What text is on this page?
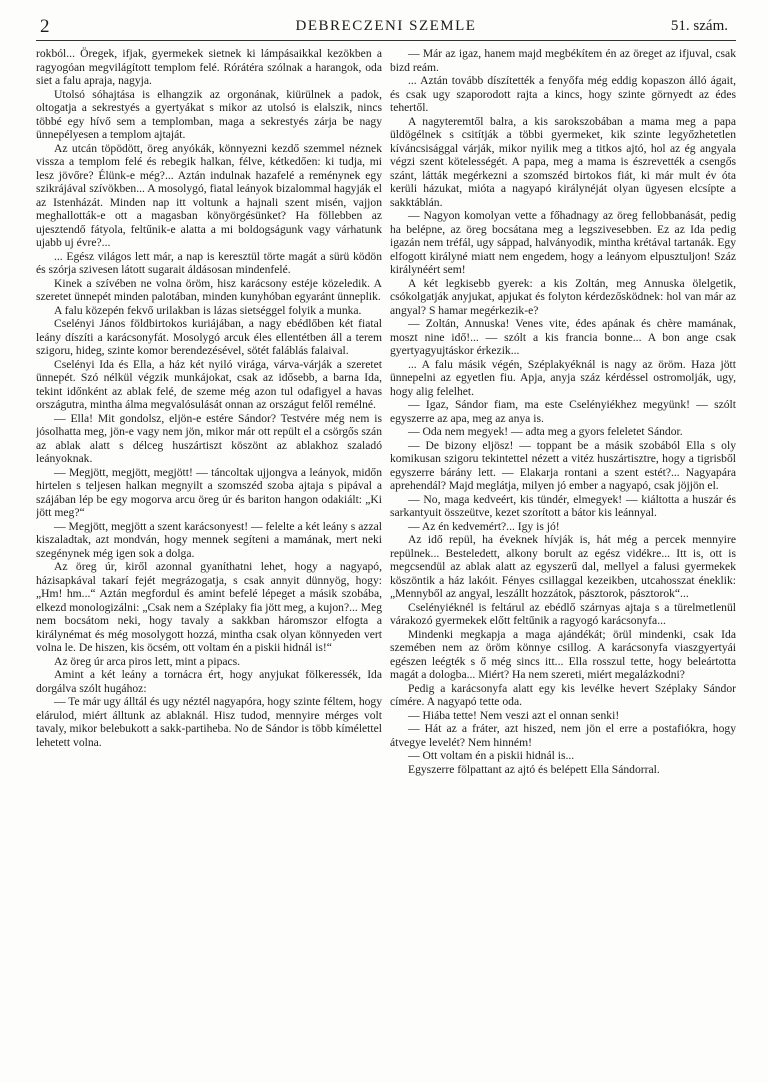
2	DEBRECZENI SZEMLE	51. szám.

rokból... Öregek, ifjak, gyermekek sietnek ki lámpásaikkal kezökben a ragyogóan megvilágított templom felé. Rórátéra szólnak a harangok, oda siet a falu apraja, nagyja.

Utolsó sóhajtása is elhangzik az orgonának, kiürülnek a padok, oltogatja a sekrestyés a gyertyákat s mikor az utolsó is elalszik, nincs többé egy hívő sem a templomban, maga a sekrestyés zárja be nagy ünnepélyesen a templom ajtaját.

Az utcán töpödött, öreg anyókák, könnyezni kezdő szemmel néznek vissza a templom felé és rebegik halkan, félve, kétkedően: ki tudja, mi lesz jövőre? Élünk-e még?... Aztán indulnak hazafelé a reménynek egy szikrájával szívökben... A mosolygó, fiatal leányok bizalommal hagyják el az Istenházát. Minden nap itt voltunk a hajnali szent misén, vajjon meghallották-e ott a magasban könyörgésünket? Ha föllebben az ujesztendő fátyola, feltűnik-e alatta a mi boldogságunk vagy várhatunk ujabb uj évre?...

... Egész világos lett már, a nap is keresztül törte magát a sürü ködön és szórja szivesen látott sugarait áldásosan mindenfelé.

Kinek a szívében ne volna öröm, hisz karácsony estéje közeledik. A szeretet ünnepét minden palotában, minden kunyhóban egyaránt ünneplik.

A falu közepén fekvő urilakban is lázas sietséggel folyik a munka.

Cselényi János földbirtokos kuriájában, a nagy ebédlőben két fiatal leány díszíti a karácsonyfát. Mosolygó arcuk éles ellentétben áll a terem szigoru, hideg, szinte komor berendezésével, sötét faláblás falaival.

Cselényi Ida és Ella, a ház két nyiló virága, várva-várják a szeretet ünnepét. Szó nélkül végzik munkájokat, csak az idősebb, a barna Ida, tekint időnként az ablak felé, de szeme még azon tul odafigyel a havas országutra, mintha álma megvalósulását onnan az országut felől remélné.

— Ella! Mit gondolsz, eljön-e estére Sándor? Testvére még nem is jósolhatta meg, jön-e vagy nem jön, mikor már ott repült el a csörgős szán az ablak alatt s délceg huszártiszt köszönt az ablakhoz szaladó leányoknak.

— Megjött, megjött, megjött! — táncoltak ujjongva a leányok, midőn hirtelen s teljesen halkan megnyilt a szomszéd szoba ajtaja s pipával a szájában lép be egy mogorva arcu öreg úr és bariton hangon odakiált: „Ki jött meg?“

— Megjött, megjött a szent karácsonyest! — felelte a két leány s azzal kiszaladtak, azt mondván, hogy mennek segíteni a mamának, mert neki szegénynek még igen sok a dolga.

Az öreg úr, kiről azonnal gyaníthatni lehet, hogy a nagyapó, házisapkával takarí fejét megrázogatja, s csak annyit dünnyög, hogy: „Hm! hm...“ Aztán megfordul és amint befelé lépeget a másik szobába, elkezd monologizálni: „Csak nem a Széplaky fia jött meg, a kujon?... Meg nem bocsátom neki, hogy tavaly a sakkban háromszor elfogta a királynémat és még mosolygott hozzá, mintha csak olyan könnyeden vert volna le. De hiszen, kis öcsém, ott voltam én a piskii hidnál is!“

Az öreg úr arca piros lett, mint a pipacs.

Amint a két leány a tornácra ért, hogy anyjukat fölkeressék, Ida dorgálva szólt hugához:

— Te már ugy álltál és ugy néztél nagyapóra, hogy szinte féltem, hogy elárulod, miért álltunk az ablaknál. Hisz tudod, mennyire mérges volt tavaly, mikor belebukott a sakk-partiheba. No de Sándor is több kímélettel lehetett volna.

— Már az igaz, hanem majd megbékítem én az öreget az ifjuval, csak bizd reám.

... Aztán tovább díszítették a fenyőfa még eddig kopaszon álló ágait, és csak ugy szaporodott rajta a kincs, hogy szinte görnyedt az édes tehertől.

A nagyteremtől balra, a kis sarokszobában a mama meg a papa üldögélnek s csitítják a többi gyermeket, kik szinte legyőzhetetlen kíváncsisággal várják, mikor nyilik meg a titkos ajtó, hol az ég angyala végzi szent kötelességét. A papa, meg a mama is észrevették a csengős szánt, látták megérkezni a szomszéd birtokos fiát, ki már mult év óta kerüli házukat, mióta a nagyapó királynéját olyan ügyesen elcsípte a sakktáblán.

— Nagyon komolyan vette a főhadnagy az öreg fellobbanását, pedig ha belépne, az öreg bocsátana meg a legszivesebben. Ez az Ida pedig igazán nem tréfál, ugy sáppad, halványodik, mintha krétával tartanák. Egy elfogott királyné miatt nem engedem, hogy a leányom elpusztuljon! Száz királynéért sem!

A két legkisebb gyerek: a kis Zoltán, meg Annuska ölelgetik, csókolgatják anyjukat, apjukat és folyton kérdezősködnek: hol van már az angyal? S hamar megérkezik-e?

— Zoltán, Annuska! Venes vite, édes apának és chère mamának, moszt nine idő!... — szólt a kis francia bonne... A bon ange csak gyertyagyujtáskor érkezik...

... A falu másik végén, Széplakyéknál is nagy az öröm. Haza jött ünnepelni az egyetlen fiu. Apja, anyja száz kérdéssel ostromolják, ugy, hogy alig felelhet.

— Igaz, Sándor fiam, ma este Cselényiékhez megyünk! — szólt egyszerre az apa, meg az anya is.

— Oda nem megyek! — adta meg a gyors feleletet Sándor.

— De bizony eljösz! — toppant be a másik szobából Ella s oly komikusan szigoru tekintettel nézett a vitéz huszártisztre, hogy a tigrisből egyszerre bárány lett. — Elakarja rontani a szent estét?... Nagyapára aprehendál? Majd meglátja, milyen jó ember a nagyapó, csak jöjjön el.

— No, maga kedveért, kis tündér, elmegyek! — kiáltotta a huszár és sarkantyuit összeütve, kezet szorított a bátor kis leánnyal.

— Az én kedvemért?... Igy is jó!

Az idő repül, ha éveknek hívják is, hát még a percek mennyire repülnek... Besteledett, alkony borult az egész vidékre... Itt is, ott is megcsendül az ablak alatt az egyszerű dal, mellyel a falusi gyermekek köszöntik a ház lakóit. Fényes csillaggal kezeikben, utcahosszat éneklik: „Mennyből az angyal, leszállt hozzátok, pásztorok, pásztorok“...

Cselényiéknél is feltárul az ebédlő szárnyas ajtaja s a türelmetlenül várakozó gyermekek előtt feltűnik a ragyogó karácsonyfa...

Mindenki megkapja a maga ajándékát; örül mindenki, csak Ida szemében nem az öröm könnye csillog. A karácsonyfa viaszgyertyái egészen leégték s ő még sincs itt... Ella rosszul tette, hogy beleártotta magát a dologba... Miért? Ha nem szereti, miért megalázkodni?

Pedig a karácsonyfa alatt egy kis levélke hevert Széplaky Sándor címére. A nagyapó tette oda.

— Hiába tette! Nem veszi azt el onnan senki!

— Hát az a fráter, azt hiszed, nem jön el erre a postafiókra, hogy átvegye levelét? Nem hinném!

— Ott voltam én a piskii hidnál is...

Egyszerre fölpattant az ajtó és belépett Ella Sándorral.
